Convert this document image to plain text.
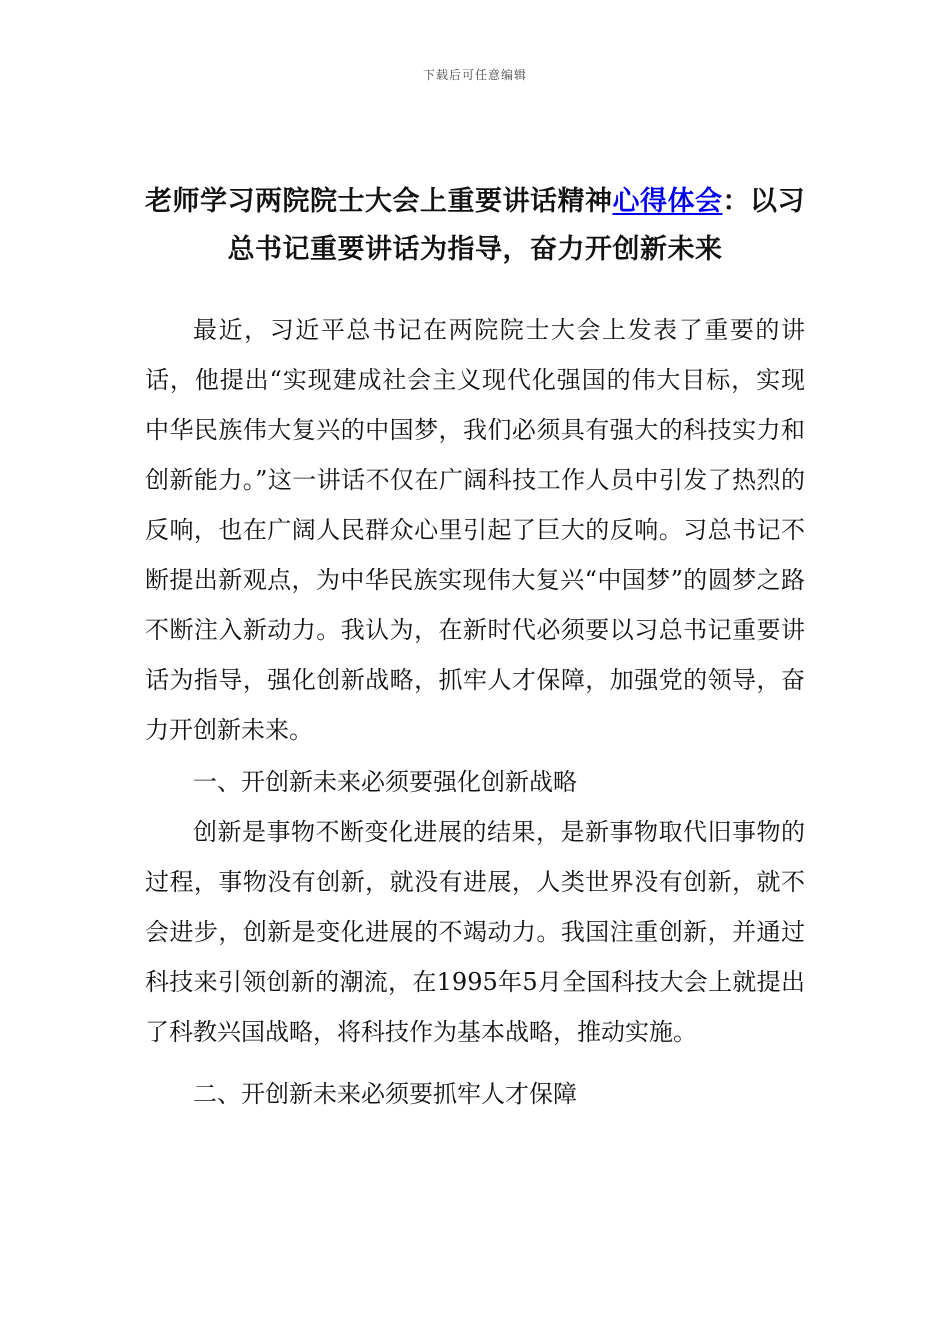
下载后可任意编辑
老师学习两院院士大会上重要讲话精神心得体会：以习总书记重要讲话为指导，奋力开创新未来

最近，习近平总书记在两院院士大会上发表了重要的讲话，他提出“实现建成社会主义现代化强国的伟大目标，实现中华民族伟大复兴的中国梦，我们必须具有强大的科技实力和创新能力。”这一讲话不仅在广阔科技工作人员中引发了热烈的反响，也在广阔人民群众心里引起了巨大的反响。习总书记不断提出新观点，为中华民族实现伟大复兴“中国梦”的圆梦之路不断注入新动力。我认为，在新时代必须要以习总书记重要讲话为指导，强化创新战略，抓牢人才保障，加强党的领导，奋力开创新未来。

一、开创新未来必须要强化创新战略

创新是事物不断变化进展的结果，是新事物取代旧事物的过程，事物没有创新，就没有进展，人类世界没有创新，就不会进步，创新是变化进展的不竭动力。我国注重创新，并通过科技来引领创新的潮流，在1995年5月全国科技大会上就提出了科教兴国战略，将科技作为基本战略，推动实施。

二、开创新未来必须要抓牢人才保障
